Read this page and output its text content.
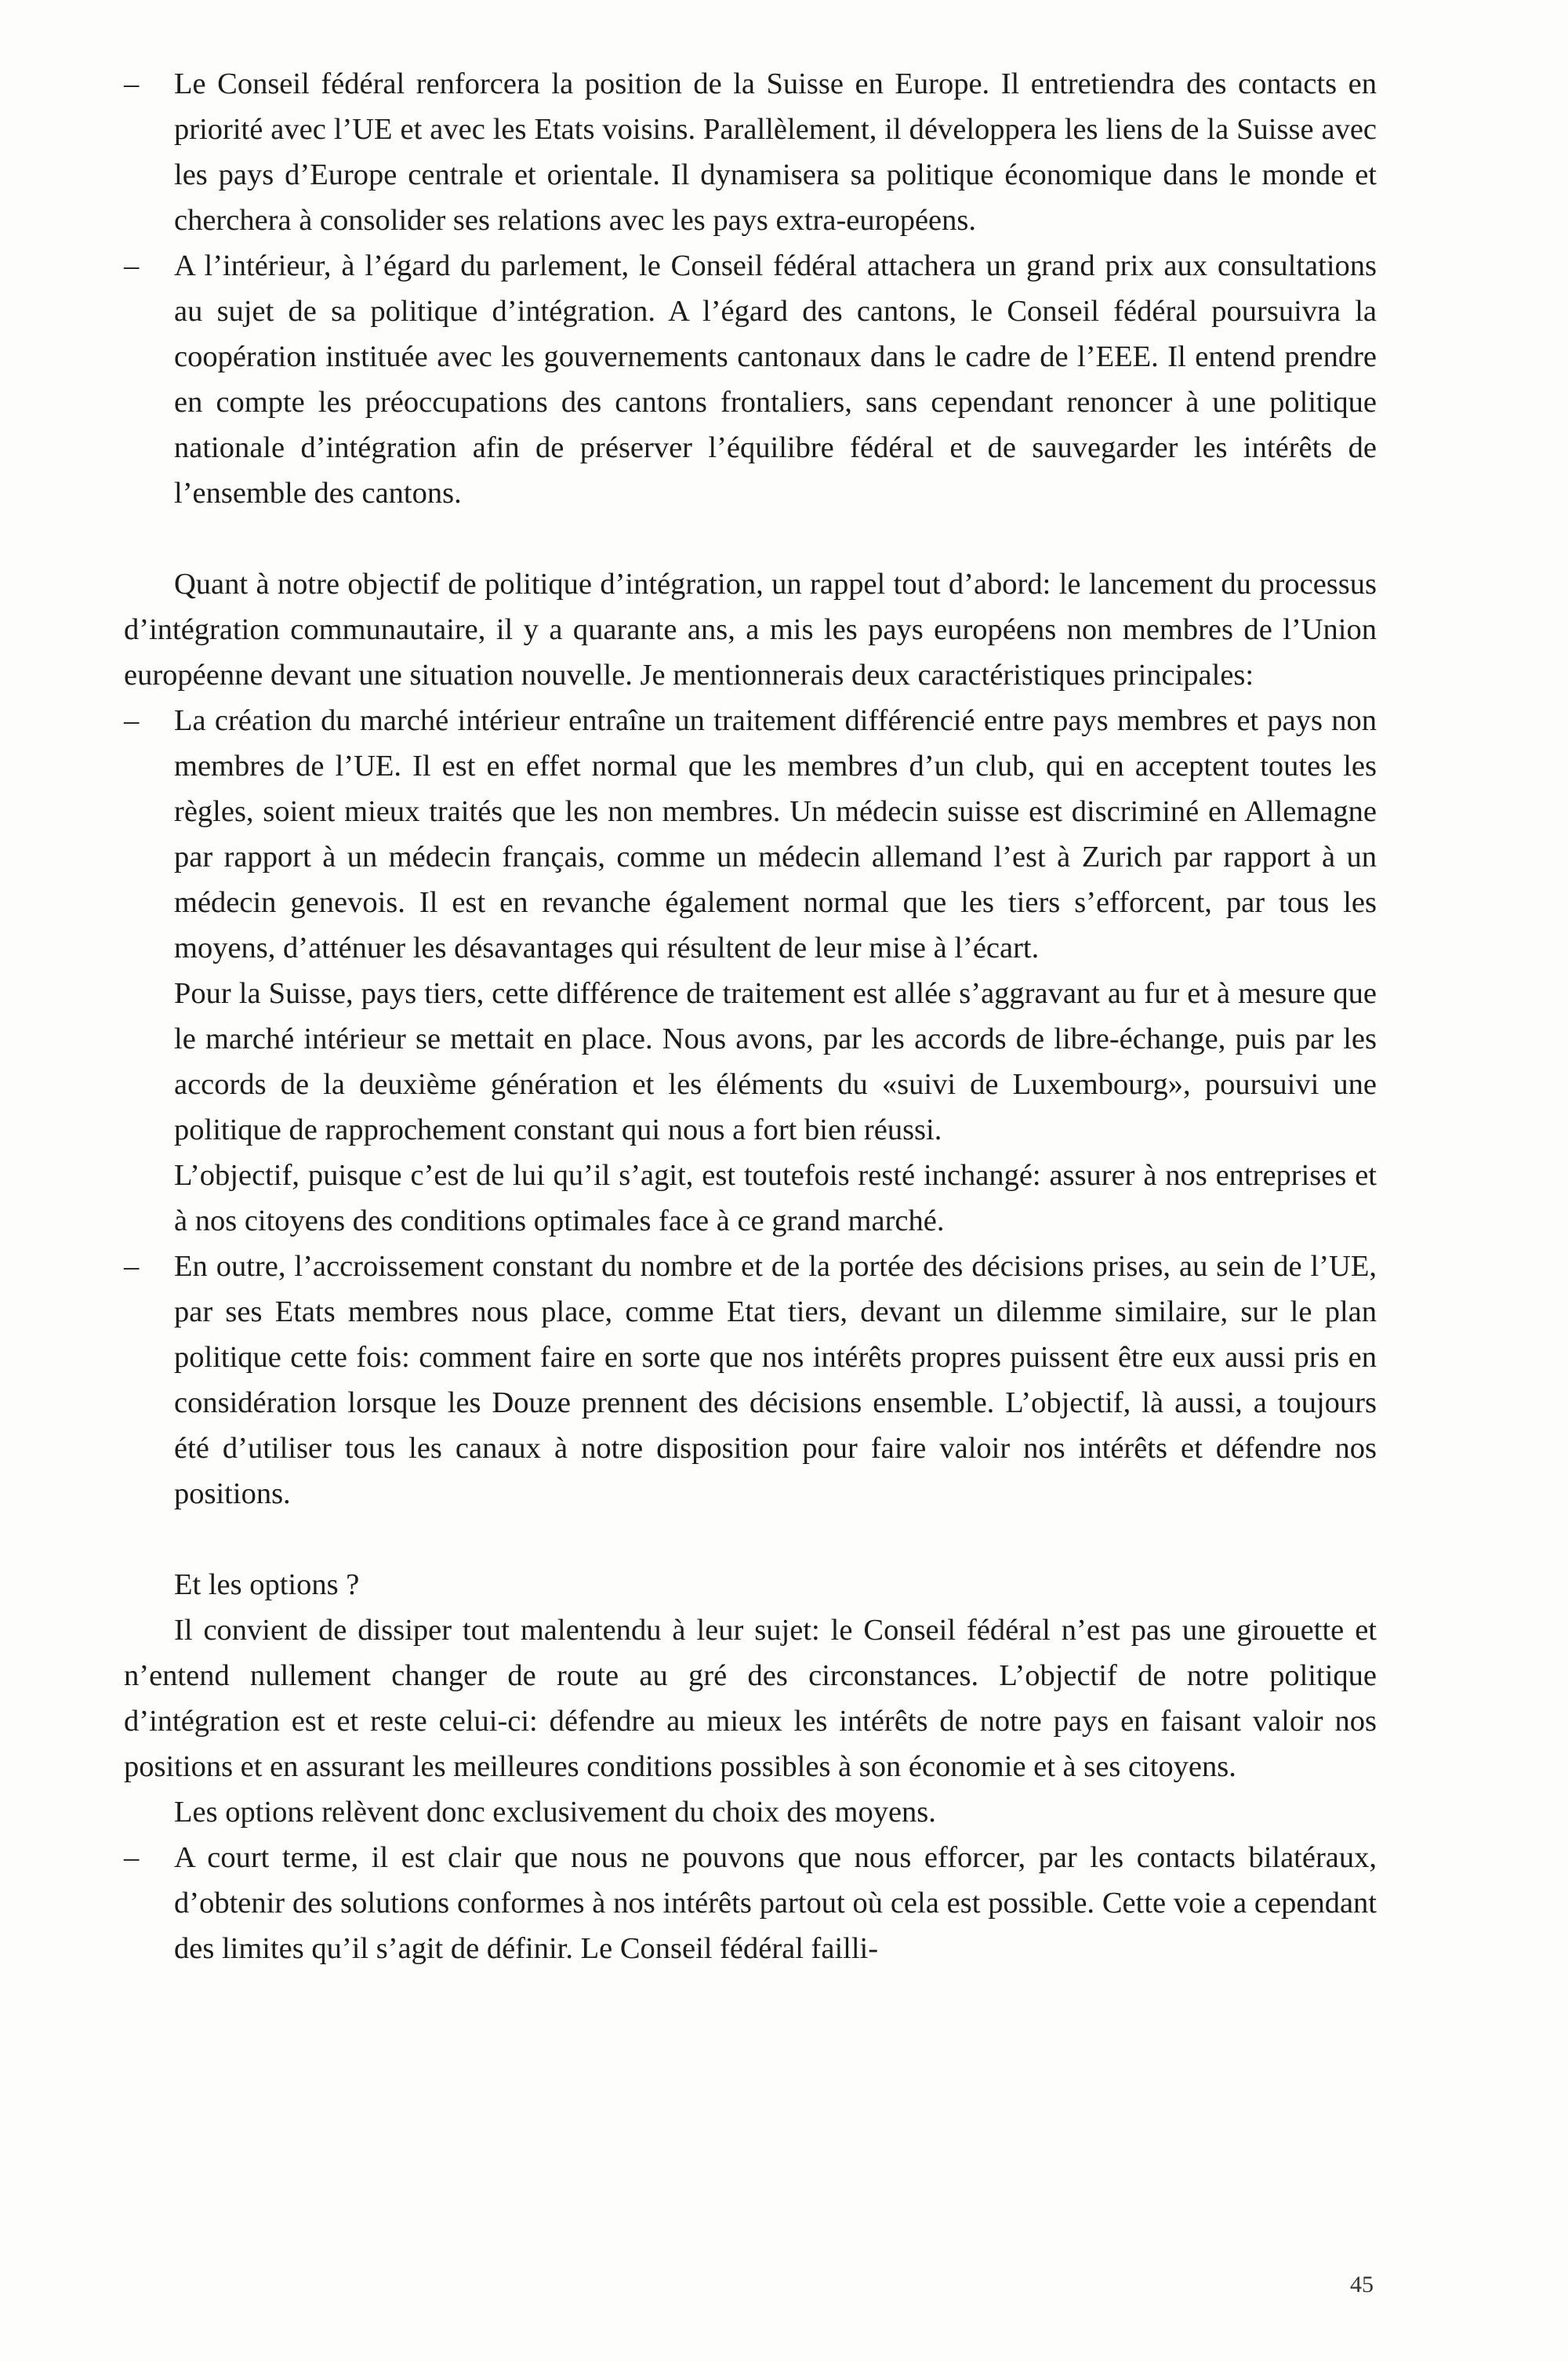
–	Le Conseil fédéral renforcera la position de la Suisse en Europe. Il entretiendra des contacts en priorité avec l’UE et avec les Etats voisins. Parallèlement, il développera les liens de la Suisse avec les pays d’Europe centrale et orientale. Il dynamisera sa politique économique dans le monde et cherchera à consolider ses relations avec les pays extra-européens.

–	A l’intérieur, à l’égard du parlement, le Conseil fédéral attachera un grand prix aux consultations au sujet de sa politique d’intégration. A l’égard des cantons, le Conseil fédéral poursuivra la coopération instituée avec les gouvernements cantonaux dans le cadre de l’EEE. Il entend prendre en compte les préoccupations des cantons frontaliers, sans cependant renoncer à une politique nationale d’intégration afin de préserver l’équilibre fédéral et de sauvegarder les intérêts de l’ensemble des cantons.

Quant à notre objectif de politique d’intégration, un rappel tout d’abord: le lancement du processus d’intégration communautaire, il y a quarante ans, a mis les pays européens non membres de l’Union européenne devant une situation nouvelle. Je mentionnerais deux caractéristiques principales:

–	La création du marché intérieur entraîne un traitement différencié entre pays membres et pays non membres de l’UE. Il est en effet normal que les membres d’un club, qui en acceptent toutes les règles, soient mieux traités que les non membres. Un médecin suisse est discriminé en Allemagne par rapport à un médecin français, comme un médecin allemand l’est à Zurich par rapport à un médecin genevois. Il est en revanche également normal que les tiers s’efforcent, par tous les moyens, d’atténuer les désavantages qui résultent de leur mise à l’écart.

Pour la Suisse, pays tiers, cette différence de traitement est allée s’aggravant au fur et à mesure que le marché intérieur se mettait en place. Nous avons, par les accords de libre-échange, puis par les accords de la deuxième génération et les éléments du «suivi de Luxembourg», poursuivi une politique de rapprochement constant qui nous a fort bien réussi.

L’objectif, puisque c’est de lui qu’il s’agit, est toutefois resté inchangé: assurer à nos entreprises et à nos citoyens des conditions optimales face à ce grand marché.

–	En outre, l’accroissement constant du nombre et de la portée des décisions prises, au sein de l’UE, par ses Etats membres nous place, comme Etat tiers, devant un dilemme similaire, sur le plan politique cette fois: comment faire en sorte que nos intérêts propres puissent être eux aussi pris en considération lorsque les Douze prennent des décisions ensemble. L’objectif, là aussi, a toujours été d’utiliser tous les canaux à notre disposition pour faire valoir nos intérêts et défendre nos positions.

Et les options ?

Il convient de dissiper tout malentendu à leur sujet: le Conseil fédéral n’est pas une girouette et n’entend nullement changer de route au gré des circonstances. L’objectif de notre politique d’intégration est et reste celui-ci: défendre au mieux les intérêts de notre pays en faisant valoir nos positions et en assurant les meilleures conditions possibles à son économie et à ses citoyens.

Les options relèvent donc exclusivement du choix des moyens.

–	A court terme, il est clair que nous ne pouvons que nous efforcer, par les contacts bilatéraux, d’obtenir des solutions conformes à nos intérêts partout où cela est possible. Cette voie a cependant des limites qu’il s’agit de définir. Le Conseil fédéral failli-

45
